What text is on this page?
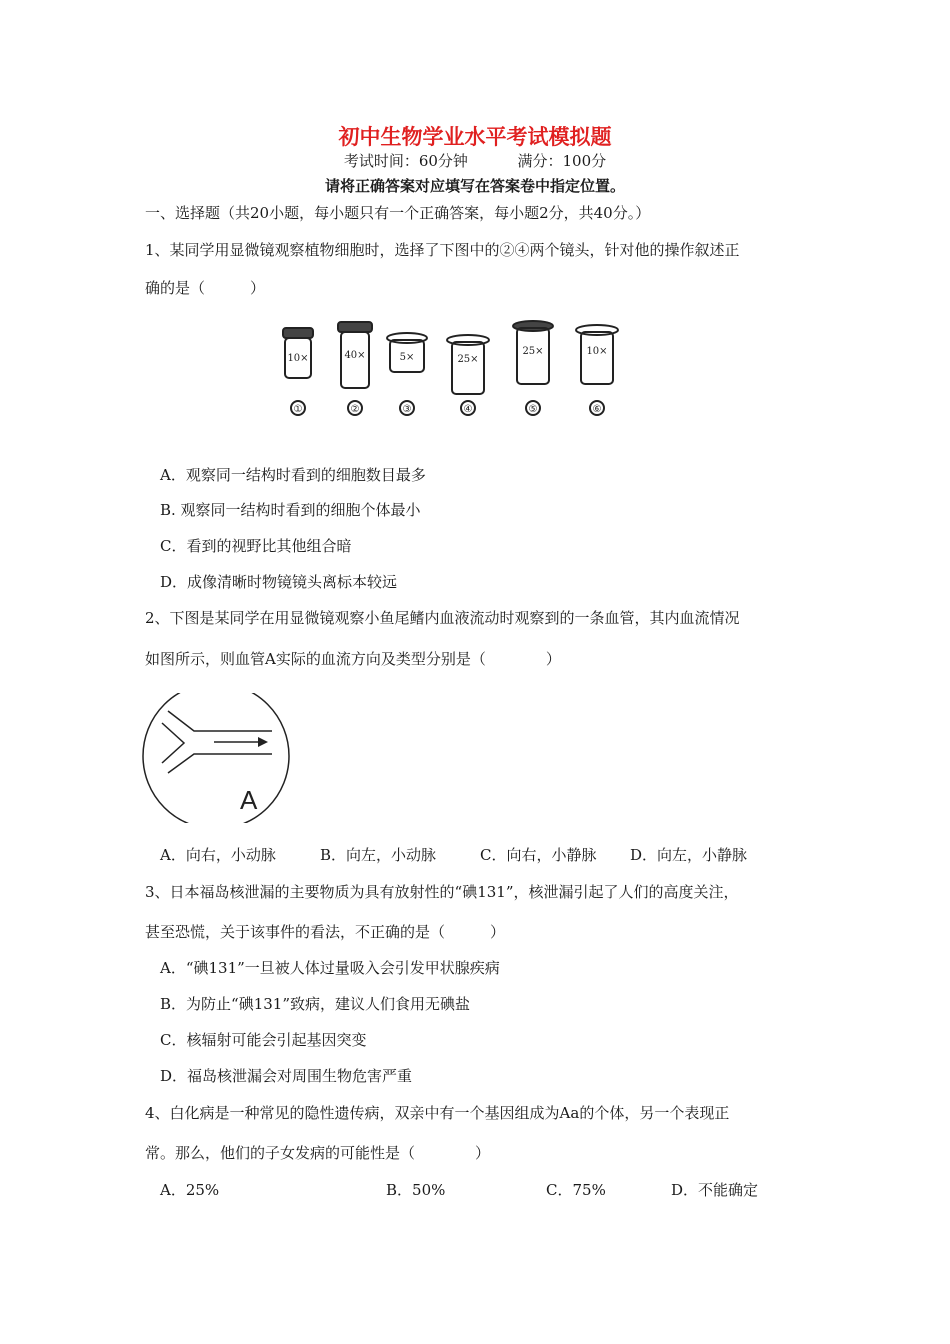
初中生物学业水平考试模拟题
考试时间：60分钟	满分：100分
请将正确答案对应填写在答案卷中指定位置。
一、选择题（共20小题，每小题只有一个正确答案，每小题2分，共40分。）
1、某同学用显微镜观察植物细胞时，选择了下图中的②④两个镜头，针对他的操作叙述正
确的是（　　　）
10×
①
40×
②
5×
③
25×
④
25×
⑤
10×
⑥
A．观察同一结构时看到的细胞数目最多
B. 观察同一结构时看到的细胞个体最小
C．看到的视野比其他组合暗
D．成像清晰时物镜镜头离标本较远
2、下图是某同学在用显微镜观察小鱼尾鳍内血液流动时观察到的一条血管，其内血流情况
如图所示，则血管A实际的血流方向及类型分别是（　　　　）
A
A．向右，小动脉	B．向左，小动脉	C．向右，小静脉	D．向左，小静脉
3、日本福岛核泄漏的主要物质为具有放射性的“碘131”，核泄漏引起了人们的高度关注，
甚至恐慌，关于该事件的看法，不正确的是（　　　）
A．“碘131”一旦被人体过量吸入会引发甲状腺疾病
B．为防止“碘131”致病，建议人们食用无碘盐
C．核辐射可能会引起基因突变
D．福岛核泄漏会对周围生物危害严重
4、白化病是一种常见的隐性遗传病，双亲中有一个基因组成为Aa的个体，另一个表现正
常。那么，他们的子女发病的可能性是（　　　　）
A．25%	B．50%	C．75%	D．不能确定
